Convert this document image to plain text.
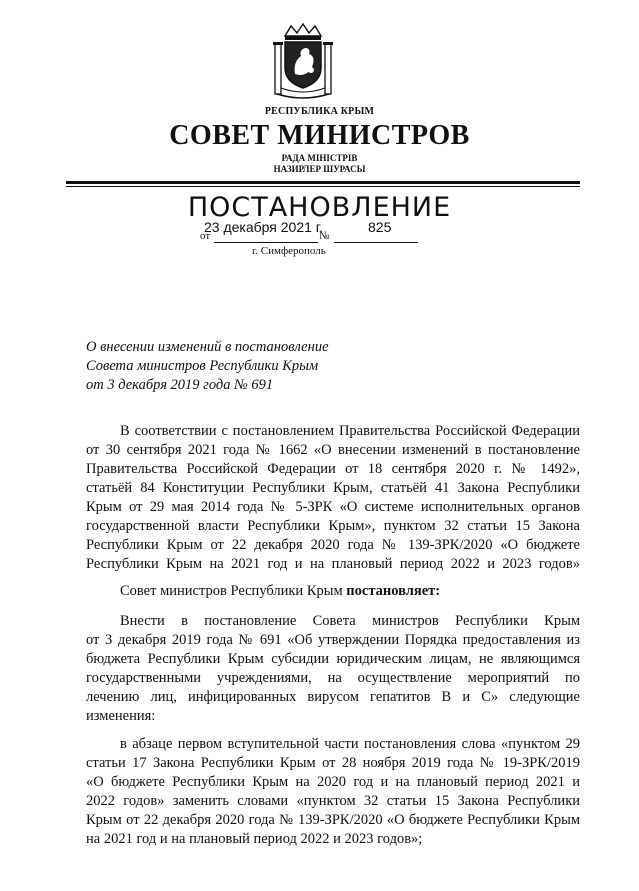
РЕСПУБЛИКА КРЫМ
СОВЕТ МИНИСТРОВ
РАДА МІНІСТРІВ
НАЗИРЛЕР ШУРАСЫ
ПОСТАНОВЛЕНИЕ
23 декабря 2021 г.	825
от	№
г. Симферополь
О внесении изменений в постановление
Совета министров Республики Крым
от 3 декабря 2019 года № 691
В соответствии с постановлением Правительства Российской Федерации
от 30 сентября 2021 года № 1662 «О внесении изменений в постановление
Правительства Российской Федерации от 18 сентября 2020 г. № 1492»,
статьёй 84 Конституции Республики Крым, статьёй 41 Закона Республики
Крым от 29 мая 2014 года № 5-ЗРК «О системе исполнительных органов
государственной власти Республики Крым», пунктом 32 статьи 15 Закона
Республики Крым от 22 декабря 2020 года № 139-ЗРК/2020 «О бюджете
Республики Крым на 2021 год и на плановый период 2022 и 2023 годов»
Совет министров Республики Крым постановляет:
Внести в постановление Совета министров Республики Крым
от 3 декабря 2019 года № 691 «Об утверждении Порядка предоставления из
бюджета Республики Крым субсидии юридическим лицам, не являющимся
государственными учреждениями, на осуществление мероприятий по
лечению лиц, инфицированных вирусом гепатитов B и C» следующие
изменения:
в абзаце первом вступительной части постановления слова «пунктом 29
статьи 17 Закона Республики Крым от 28 ноября 2019 года № 19-ЗРК/2019
«О бюджете Республики Крым на 2020 год и на плановый период 2021 и
2022 годов» заменить словами «пунктом 32 статьи 15 Закона Республики
Крым от 22 декабря 2020 года № 139-ЗРК/2020 «О бюджете Республики Крым
на 2021 год и на плановый период 2022 и 2023 годов»;
